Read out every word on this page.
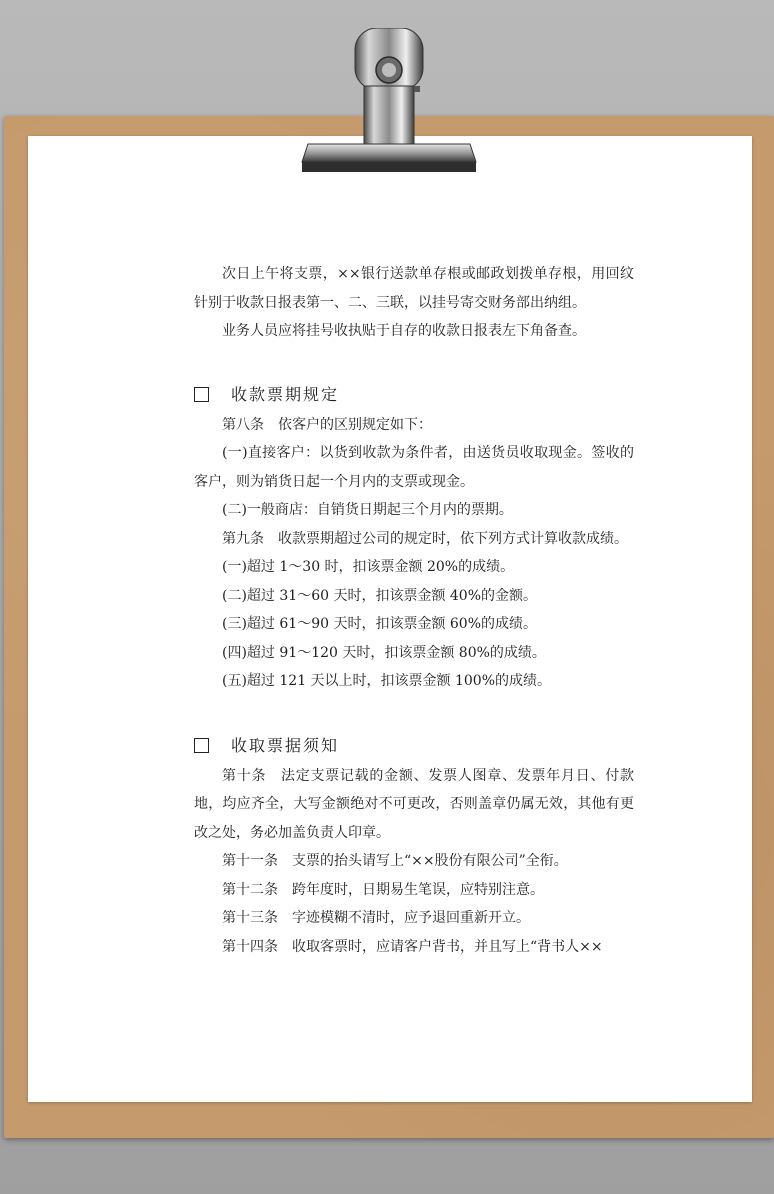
次日上午将支票，××银行送款单存根或邮政划拨单存根，用回纹针别于收款日报表第一、二、三联，以挂号寄交财务部出纳组。

业务人员应将挂号收执贴于自存的收款日报表左下角备查。

收款票期规定

第八条　依客户的区别规定如下：

(一)直接客户：以货到收款为条件者，由送货员收取现金。签收的客户，则为销货日起一个月内的支票或现金。

(二)一般商店：自销货日期起三个月内的票期。

第九条　收款票期超过公司的规定时，依下列方式计算收款成绩。

(一)超过 1～30 时，扣该票金额 20%的成绩。

(二)超过 31～60 天时，扣该票金额 40%的金额。

(三)超过 61～90 天时，扣该票金额 60%的成绩。

(四)超过 91～120 天时，扣该票金额 80%的成绩。

(五)超过 121 天以上时，扣该票金额 100%的成绩。

收取票据须知

第十条　法定支票记载的金额、发票人图章、发票年月日、付款地，均应齐全，大写金额绝对不可更改，否则盖章仍属无效，其他有更改之处，务必加盖负责人印章。

第十一条　支票的抬头请写上“××股份有限公司”全衔。

第十二条　跨年度时，日期易生笔误，应特别注意。

第十三条　字迹模糊不清时，应予退回重新开立。

第十四条　收取客票时，应请客户背书，并且写上“背书人××
